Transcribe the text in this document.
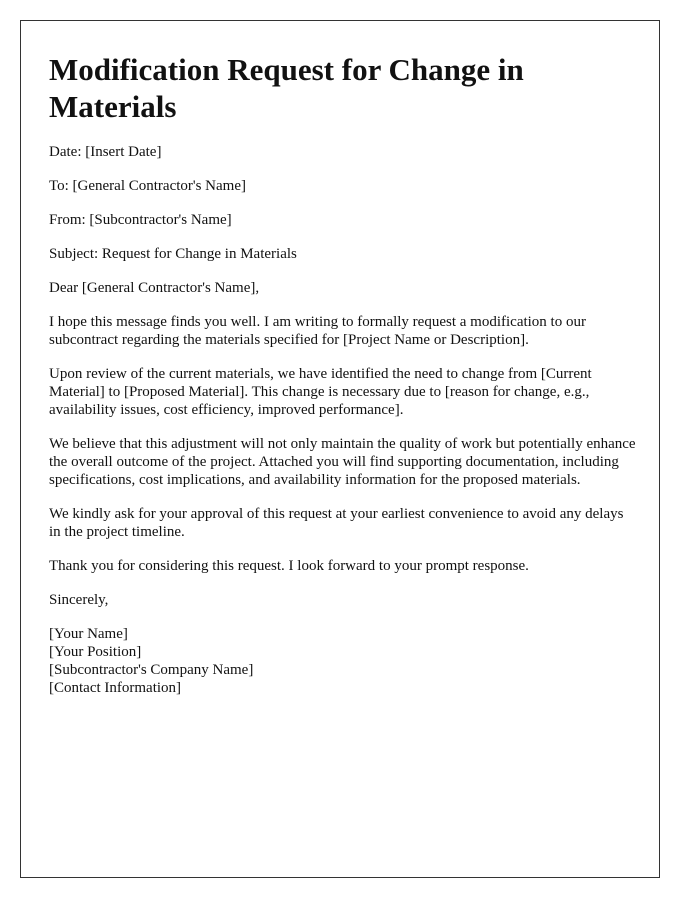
Modification Request for Change in Materials

Date: [Insert Date]

To: [General Contractor's Name]

From: [Subcontractor's Name]

Subject: Request for Change in Materials

Dear [General Contractor's Name],

I hope this message finds you well. I am writing to formally request a modification to our subcontract regarding the materials specified for [Project Name or Description].

Upon review of the current materials, we have identified the need to change from [Current Material] to [Proposed Material]. This change is necessary due to [reason for change, e.g., availability issues, cost efficiency, improved performance].

We believe that this adjustment will not only maintain the quality of work but potentially enhance the overall outcome of the project. Attached you will find supporting documentation, including specifications, cost implications, and availability information for the proposed materials.

We kindly ask for your approval of this request at your earliest convenience to avoid any delays in the project timeline.

Thank you for considering this request. I look forward to your prompt response.

Sincerely,

[Your Name]
[Your Position]
[Subcontractor's Company Name]
[Contact Information]
